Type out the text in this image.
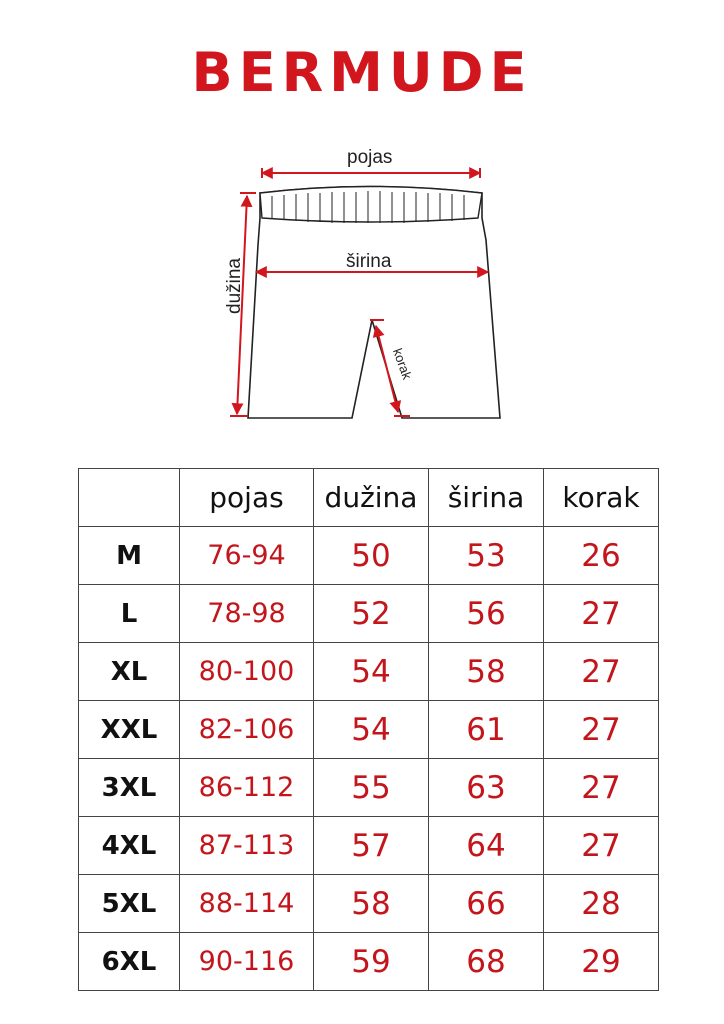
BERMUDE
pojas
širina
dužina
korak
	pojas	dužina	širina	korak
M	76-94	50	53	26
L	78-98	52	56	27
XL	80-100	54	58	27
XXL	82-106	54	61	27
3XL	86-112	55	63	27
4XL	87-113	57	64	27
5XL	88-114	58	66	28
6XL	90-116	59	68	29
